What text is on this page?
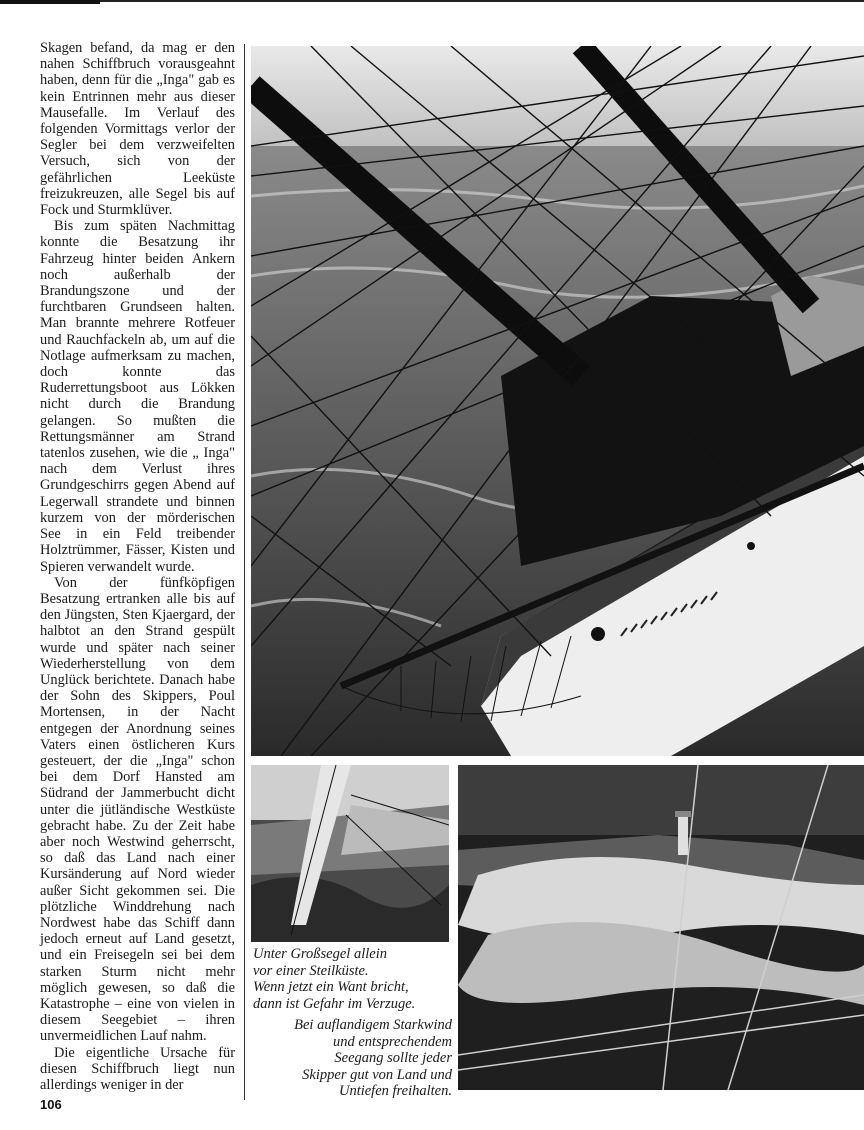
Skagen befand, da mag er den nahen Schiffbruch vorausgeahnt haben, denn für die „Inga" gab es kein Entrinnen mehr aus dieser Mausefalle. Im Verlauf des folgenden Vormittags verlor der Segler bei dem verzweifelten Versuch, sich von der gefährlichen Leeküste freizukreuzen, alle Segel bis auf Fock und Sturmklüver.

Bis zum späten Nachmittag konnte die Besatzung ihr Fahrzeug hinter beiden Ankern noch außerhalb der Brandungszone und der furchtbaren Grundseen halten. Man brannte mehrere Rotfeuer und Rauchfackeln ab, um auf die Notlage aufmerksam zu machen, doch konnte das Ruderrettungsboot aus Lökken nicht durch die Brandung gelangen. So mußten die Rettungsmänner am Strand tatenlos zusehen, wie die „ Inga" nach dem Verlust ihres Grundgeschirrs gegen Abend auf Legerwall strandete und binnen kurzem von der mörderischen See in ein Feld treibender Holztrümmer, Fässer, Kisten und Spieren verwandelt wurde.

Von der fünfköpfigen Besatzung ertranken alle bis auf den Jüngsten, Sten Kjaergard, der halbtot an den Strand gespült wurde und später nach seiner Wiederherstellung von dem Unglück berichtete. Danach habe der Sohn des Skippers, Poul Mortensen, in der Nacht entgegen der Anordnung seines Vaters einen östlicheren Kurs gesteuert, der die „Inga" schon bei dem Dorf Hansted am Südrand der Jammerbucht dicht unter die jütländische Westküste gebracht habe. Zu der Zeit habe aber noch Westwind geherrscht, so daß das Land nach einer Kursänderung auf Nord wieder außer Sicht gekommen sei. Die plötzliche Winddrehung nach Nordwest habe das Schiff dann jedoch erneut auf Land gesetzt, und ein Freisegeln sei bei dem starken Sturm nicht mehr möglich gewesen, so daß die Katastrophe – eine von vielen in diesem Seegebiet – ihren unvermeidlichen Lauf nahm.

Die eigentliche Ursache für diesen Schiffbruch liegt nun allerdings weniger in der

Unter Großsegel allein
vor einer Steilküste.
Wenn jetzt ein Want bricht,
dann ist Gefahr im Verzuge.
Bei auflandigem Starkwind
und entsprechendem
Seegang sollte jeder
Skipper gut von Land und
Untiefen freihalten.
106
